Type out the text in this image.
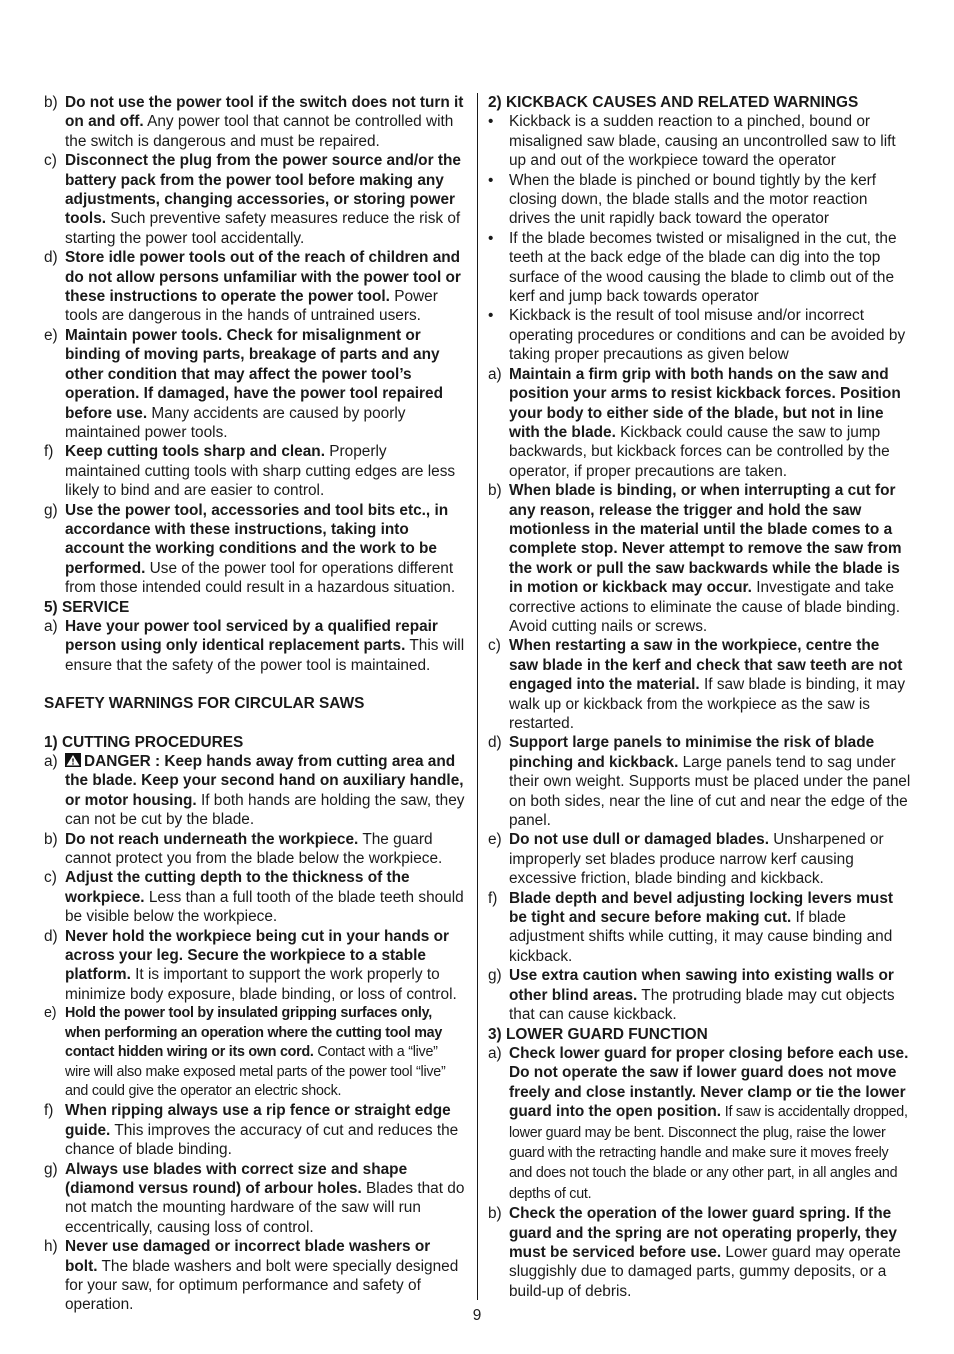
b) Do not use the power tool if the switch does not turn it on and off. Any power tool that cannot be controlled with the switch is dangerous and must be repaired.
c) Disconnect the plug from the power source and/or the battery pack from the power tool before making any adjustments, changing accessories, or storing power tools. Such preventive safety measures reduce the risk of starting the power tool accidentally.
d) Store idle power tools out of the reach of children and do not allow persons unfamiliar with the power tool or these instructions to operate the power tool. Power tools are dangerous in the hands of untrained users.
e) Maintain power tools. Check for misalignment or binding of moving parts, breakage of parts and any other condition that may affect the power tool’s operation. If damaged, have the power tool repaired before use. Many accidents are caused by poorly maintained power tools.
f) Keep cutting tools sharp and clean. Properly maintained cutting tools with sharp cutting edges are less likely to bind and are easier to control.
g) Use the power tool, accessories and tool bits etc., in accordance with these instructions, taking into account the working conditions and the work to be performed. Use of the power tool for operations different from those intended could result in a hazardous situation.
5) SERVICE
a) Have your power tool serviced by a qualified repair person using only identical replacement parts. This will ensure that the safety of the power tool is maintained.
SAFETY WARNINGS FOR CIRCULAR SAWS
1) CUTTING PROCEDURES
a) DANGER : Keep hands away from cutting area and the blade. Keep your second hand on auxiliary handle, or motor housing. If both hands are holding the saw, they can not be cut by the blade.
b) Do not reach underneath the workpiece. The guard cannot protect you from the blade below the workpiece.
c) Adjust the cutting depth to the thickness of the workpiece. Less than a full tooth of the blade teeth should be visible below the workpiece.
d) Never hold the workpiece being cut in your hands or across your leg. Secure the workpiece to a stable platform. It is important to support the work properly to minimize body exposure, blade binding, or loss of control.
e) Hold the power tool by insulated gripping surfaces only, when performing an operation where the cutting tool may contact hidden wiring or its own cord. Contact with a “live” wire will also make exposed metal parts of the power tool “live” and could give the operator an electric shock.
f) When ripping always use a rip fence or straight edge guide. This improves the accuracy of cut and reduces the chance of blade binding.
g) Always use blades with correct size and shape (diamond versus round) of arbour holes. Blades that do not match the mounting hardware of the saw will run eccentrically, causing loss of control.
h) Never use damaged or incorrect blade washers or bolt. The blade washers and bolt were specially designed for your saw, for optimum performance and safety of operation.
2) KICKBACK CAUSES AND RELATED WARNINGS
• Kickback is a sudden reaction to a pinched, bound or misaligned saw blade, causing an uncontrolled saw to lift up and out of the workpiece toward the operator
• When the blade is pinched or bound tightly by the kerf closing down, the blade stalls and the motor reaction drives the unit rapidly back toward the operator
• If the blade becomes twisted or misaligned in the cut, the teeth at the back edge of the blade can dig into the top surface of the wood causing the blade to climb out of the kerf and jump back towards operator
• Kickback is the result of tool misuse and/or incorrect operating procedures or conditions and can be avoided by taking proper precautions as given below
a) Maintain a firm grip with both hands on the saw and position your arms to resist kickback forces. Position your body to either side of the blade, but not in line with the blade. Kickback could cause the saw to jump backwards, but kickback forces can be controlled by the operator, if proper precautions are taken.
b) When blade is binding, or when interrupting a cut for any reason, release the trigger and hold the saw motionless in the material until the blade comes to a complete stop. Never attempt to remove the saw from the work or pull the saw backwards while the blade is in motion or kickback may occur. Investigate and take corrective actions to eliminate the cause of blade binding. Avoid cutting nails or screws.
c) When restarting a saw in the workpiece, centre the saw blade in the kerf and check that saw teeth are not engaged into the material. If saw blade is binding, it may walk up or kickback from the workpiece as the saw is restarted.
d) Support large panels to minimise the risk of blade pinching and kickback. Large panels tend to sag under their own weight. Supports must be placed under the panel on both sides, near the line of cut and near the edge of the panel.
e) Do not use dull or damaged blades. Unsharpened or improperly set blades produce narrow kerf causing excessive friction, blade binding and kickback.
f) Blade depth and bevel adjusting locking levers must be tight and secure before making cut. If blade adjustment shifts while cutting, it may cause binding and kickback.
g) Use extra caution when sawing into existing walls or other blind areas. The protruding blade may cut objects that can cause kickback.
3) LOWER GUARD FUNCTION
a) Check lower guard for proper closing before each use. Do not operate the saw if lower guard does not move freely and close instantly. Never clamp or tie the lower guard into the open position. If saw is accidentally dropped, lower guard may be bent. Disconnect the plug, raise the lower guard with the retracting handle and make sure it moves freely and does not touch the blade or any other part, in all angles and depths of cut.
b) Check the operation of the lower guard spring. If the guard and the spring are not operating properly, they must be serviced before use. Lower guard may operate sluggishly due to damaged parts, gummy deposits, or a build-up of debris.
9
